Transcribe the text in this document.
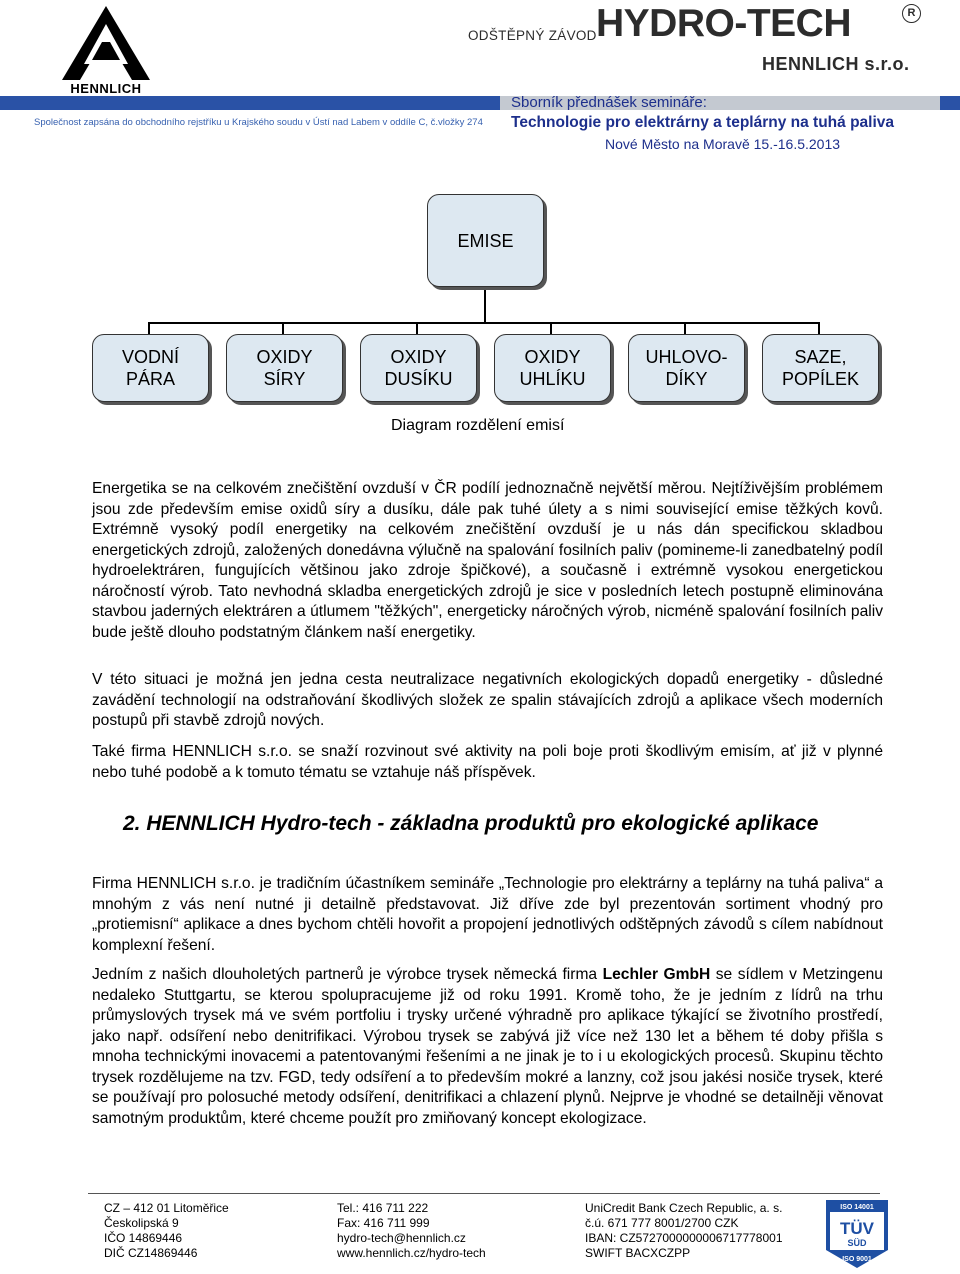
HENNLICH
Společnost zapsána do obchodního rejstříku u Krajského soudu v Ústí nad Labem v oddíle C, č.vložky 274
ODŠTĚPNÝ ZÁVOD HYDRO-TECH	R
HENNLICH s.r.o.
Sborník přednášek semináře:
Technologie pro elektrárny a teplárny na tuhá paliva
Nové Město na Moravě 15.-16.5.2013
EMISE
VODNÍ
PÁRA
OXIDY
SÍRY
OXIDY
DUSÍKU
OXIDY
UHLÍKU
UHLOVO-
DÍKY
SAZE,
POPÍLEK
Diagram rozdělení emisí

Energetika se na celkovém znečištění ovzduší v ČR podílí jednoznačně největší měrou. Nejtíživějším problémem jsou zde především emise oxidů síry a dusíku, dále pak tuhé úlety a s nimi související emise těžkých kovů. Extrémně vysoký podíl energetiky na celkovém znečištění ovzduší je u nás dán specifickou skladbou energetických zdrojů, založených donedávna výlučně na spalování fosilních paliv (pomineme-li zanedbatelný podíl hydroelektráren, fungujících většinou jako zdroje špičkové), a současně i extrémně vysokou energetickou náročností výrob. Tato nevhodná skladba energetických zdrojů je sice v posledních letech postupně eliminována stavbou jaderných elektráren a útlumem "těžkých", energeticky náročných výrob, nicméně spalování fosilních paliv bude ještě dlouho podstatným článkem naší energetiky.

V této situaci je možná jen jedna cesta neutralizace negativních ekologických dopadů energetiky - důsledné zavádění technologií na odstraňování škodlivých složek ze spalin stávajících zdrojů a aplikace všech moderních postupů při stavbě zdrojů nových.

Také firma HENNLICH s.r.o. se snaží rozvinout své aktivity na poli boje proti škodlivým emisím, ať již v plynné nebo tuhé podobě a k tomuto tématu se vztahuje náš příspěvek.

2. HENNLICH Hydro-tech - základna produktů pro ekologické aplikace

Firma HENNLICH s.r.o. je tradičním účastníkem semináře „Technologie pro elektrárny a teplárny na tuhá paliva“ a mnohým z vás není nutné ji detailně představovat. Již dříve zde byl prezentován sortiment vhodný pro „protiemisní“ aplikace a dnes bychom chtěli hovořit a propojení jednotlivých odštěpných závodů s cílem nabídnout komplexní řešení.

Jedním z našich dlouholetých partnerů je výrobce trysek německá firma Lechler GmbH se sídlem v Metzingenu nedaleko Stuttgartu, se kterou spolupracujeme již od roku 1991. Kromě toho, že je jedním z lídrů na trhu průmyslových trysek má ve svém portfoliu i trysky určené výhradně pro aplikace týkající se životního prostředí, jako např. odsíření nebo denitrifikaci. Výrobou trysek se zabývá již více než 130 let a během té doby přišla s mnoha technickými inovacemi a patentovanými řešeními a ne jinak je to i u ekologických procesů. Skupinu těchto trysek rozdělujeme na tzv. FGD, tedy odsíření a to především mokré a lanzny, což jsou jakési nosiče trysek, které se používají pro polosuché metody odsíření, denitrifikaci a chlazení plynů. Nejprve je vhodné se detailněji věnovat samotným produktům, které chceme použít pro zmiňovaný koncept ekologizace.

CZ – 412 01 Litoměřice
Českolipská 9
IČO 14869446
DIČ CZ14869446
Tel.: 416 711 222
Fax: 416 711 999
hydro-tech@hennlich.cz
www.hennlich.cz/hydro-tech
UniCredit Bank Czech Republic, a. s.
č.ú. 671 777 8001/2700 CZK
IBAN: CZ5727000000006717778001
SWIFT BACXCZPP
ISO 14001
TÜV
SÜD
ISO 9001
